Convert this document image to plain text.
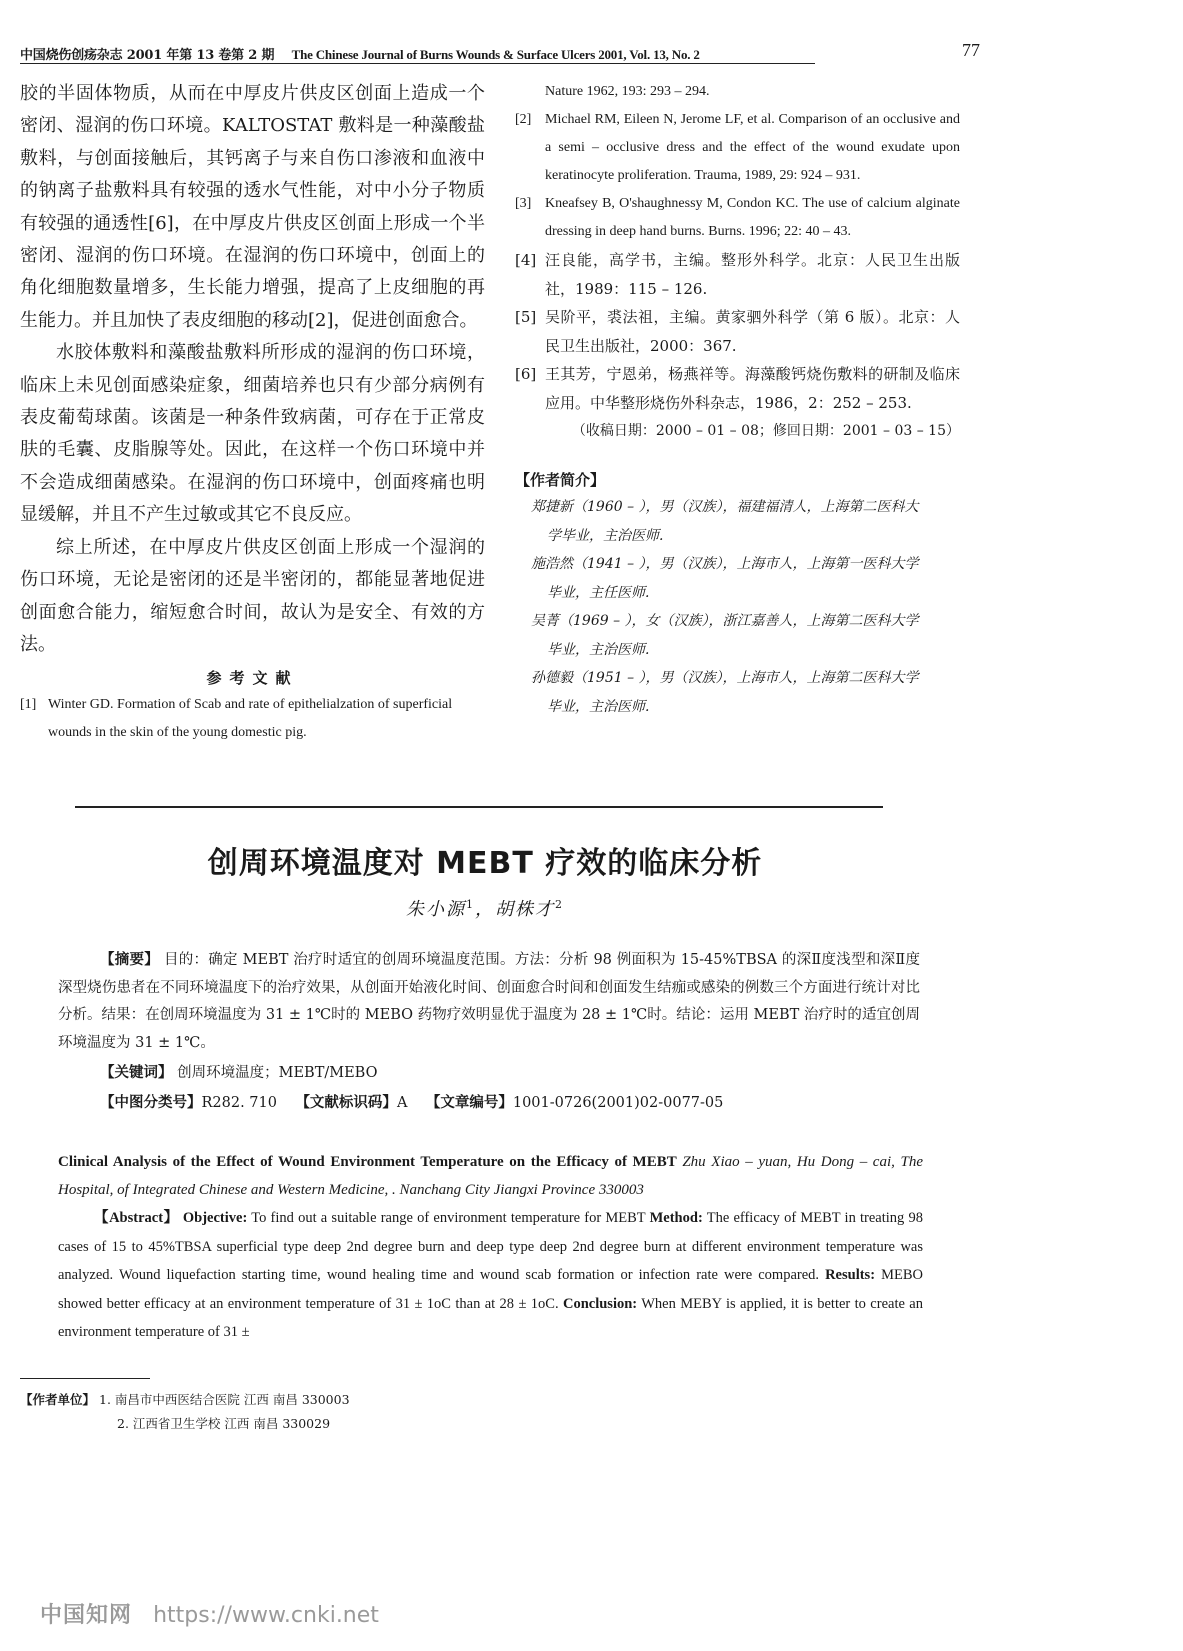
中国烧伤创疡杂志 2001 年第 13 卷第 2 期 The Chinese Journal of Burns Wounds & Surface Ulcers 2001, Vol. 13, No. 2	77

胶的半固体物质，从而在中厚皮片供皮区创面上造成一个密闭、湿润的伤口环境。KALTOSTAT 敷料是一种藻酸盐敷料，与创面接触后，其钙离子与来自伤口渗液和血液中的钠离子盐敷料具有较强的透水气性能，对中小分子物质有较强的通透性[6]，在中厚皮片供皮区创面上形成一个半密闭、湿润的伤口环境。在湿润的伤口环境中，创面上的角化细胞数量增多，生长能力增强，提高了上皮细胞的再生能力。并且加快了表皮细胞的移动[2]，促进创面愈合。

水胶体敷料和藻酸盐敷料所形成的湿润的伤口环境，临床上未见创面感染症象，细菌培养也只有少部分病例有表皮葡萄球菌。该菌是一种条件致病菌，可存在于正常皮肤的毛囊、皮脂腺等处。因此，在这样一个伤口环境中并不会造成细菌感染。在湿润的伤口环境中，创面疼痛也明显缓解，并且不产生过敏或其它不良反应。

综上所述，在中厚皮片供皮区创面上形成一个湿润的伤口环境，无论是密闭的还是半密闭的，都能显著地促进创面愈合能力，缩短愈合时间，故认为是安全、有效的方法。

参考文献
[1] Winter GD. Formation of Scab and rate of epithelialzation of superficial wounds in the skin of the young domestic pig.
Nature 1962, 193: 293 – 294.
[2] Michael RM, Eileen N, Jerome LF, et al. Comparison of an occlusive and a semi – occlusive dress and the effect of the wound exudate upon keratinocyte proliferation. Trauma, 1989, 29: 924 – 931.
[3] Kneafsey B, O'shaughnessy M, Condon KC. The use of calcium alginate dressing in deep hand burns. Burns. 1996; 22: 40 – 43.
[4] 汪良能，高学书，主编。整形外科学。北京：人民卫生出版社，1989：115 – 126.
[5] 吴阶平，裘法祖，主编。黄家驷外科学（第 6 版）。北京：人民卫生出版社，2000：367.
[6] 王其芳，宁恩弟，杨燕祥等。海藻酸钙烧伤敷料的研制及临床应用。中华整形烧伤外科杂志，1986，2：252 – 253.
（收稿日期：2000 – 01 – 08；修回日期：2001 – 03 – 15）
【作者简介】
郑捷新（1960 – ），男（汉族），福建福清人，上海第二医科大
学毕业，主治医师.
施浩然（1941 – ），男（汉族），上海市人，上海第一医科大学
毕业，主任医师.
吴菁（1969 – ），女（汉族），浙江嘉善人，上海第二医科大学
毕业，主治医师.
孙德毅（1951 – ），男（汉族），上海市人，上海第二医科大学
毕业，主治医师.
创周环境温度对 MEBT 疗效的临床分析
朱小源$^1$，胡株才$^2$
【摘要】 目的：确定 MEBT 治疗时适宜的创周环境温度范围。方法：分析 98 例面积为 15-45%TBSA 的深Ⅱ度浅型和深Ⅱ度深型烧伤患者在不同环境温度下的治疗效果，从创面开始液化时间、创面愈合时间和创面发生结痂或感染的例数三个方面进行统计对比分析。结果：在创周环境温度为 31 ± 1℃时的 MEBO 药物疗效明显优于温度为 28 ± 1℃时。结论：运用 MEBT 治疗时的适宜创周环境温度为 31 ± 1℃。
【关键词】 创周环境温度；MEBT/MEBO
【中图分类号】R282. 710 【文献标识码】A 【文章编号】1001-0726(2001)02-0077-05
Clinical Analysis of the Effect of Wound Environment Temperature on the Efficacy of MEBT Zhu Xiao – yuan, Hu Dong – cai, The Hospital, of Integrated Chinese and Western Medicine, . Nanchang City Jiangxi Province 330003
【Abstract】 Objective: To find out a suitable range of environment temperature for MEBT Method: The efficacy of MEBT in treating 98 cases of 15 to 45%TBSA superficial type deep 2nd degree burn and deep type deep 2nd degree burn at different environment temperature was analyzed. Wound liquefaction starting time, wound healing time and wound scab formation or infection rate were compared. Results: MEBO showed better efficacy at an environment temperature of 31 ± 1oC than at 28 ± 1oC. Conclusion: When MEBY is applied, it is better to create an environment temperature of 31 ±
【作者单位】 1. 南昌市中西医结合医院 江西 南昌 330003
2. 江西省卫生学校 江西 南昌 330029
中国知网 https://www.cnki.net
